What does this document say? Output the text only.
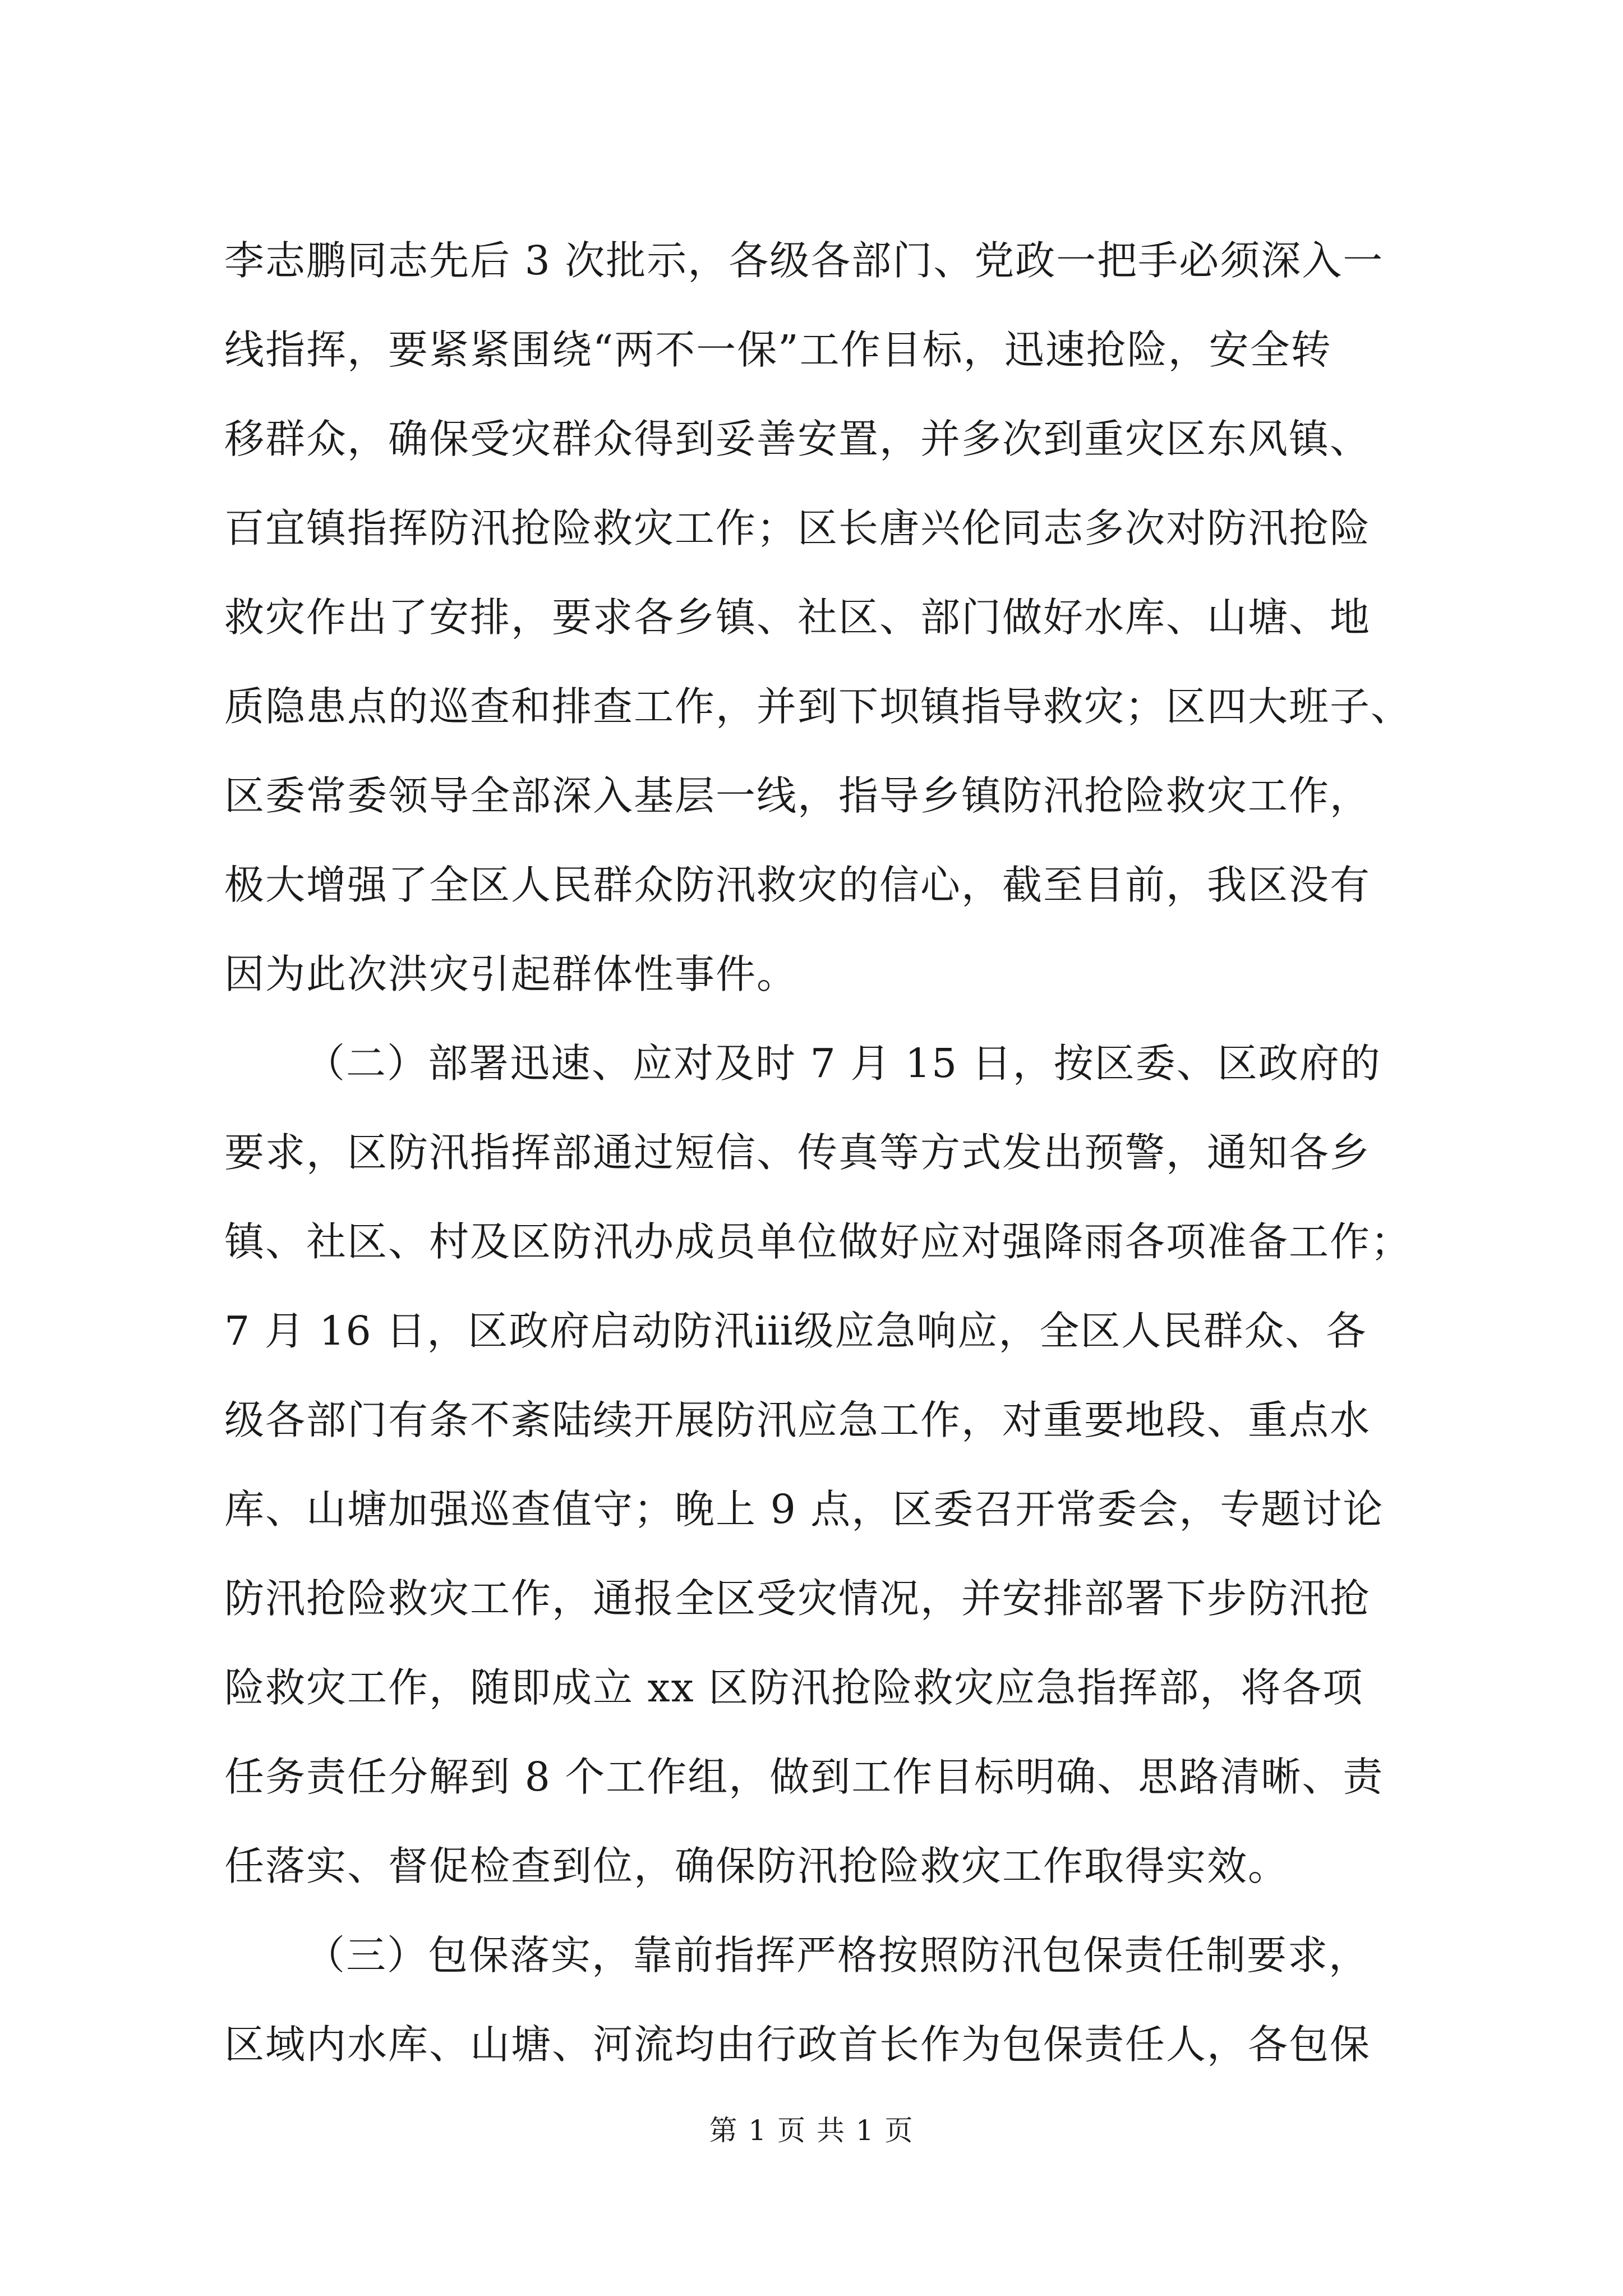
李志鹏同志先后 3 次批示，各级各部门、党政一把手必须深入一
线指挥，要紧紧围绕“两不一保”工作目标，迅速抢险，安全转
移群众，确保受灾群众得到妥善安置，并多次到重灾区东风镇、
百宜镇指挥防汛抢险救灾工作；区长唐兴伦同志多次对防汛抢险
救灾作出了安排，要求各乡镇、社区、部门做好水库、山塘、地
质隐患点的巡查和排查工作，并到下坝镇指导救灾；区四大班子、
区委常委领导全部深入基层一线，指导乡镇防汛抢险救灾工作，
极大增强了全区人民群众防汛救灾的信心，截至目前，我区没有
因为此次洪灾引起群体性事件。
（二）部署迅速、应对及时 7 月 15 日，按区委、区政府的
要求，区防汛指挥部通过短信、传真等方式发出预警，通知各乡
镇、社区、村及区防汛办成员单位做好应对强降雨各项准备工作；
7 月 16 日，区政府启动防汛ⅲ级应急响应，全区人民群众、各
级各部门有条不紊陆续开展防汛应急工作，对重要地段、重点水
库、山塘加强巡查值守；晚上 9 点，区委召开常委会，专题讨论
防汛抢险救灾工作，通报全区受灾情况，并安排部署下步防汛抢
险救灾工作，随即成立 xx 区防汛抢险救灾应急指挥部，将各项
任务责任分解到 8 个工作组，做到工作目标明确、思路清晰、责
任落实、督促检查到位，确保防汛抢险救灾工作取得实效。
（三）包保落实，靠前指挥严格按照防汛包保责任制要求，
区域内水库、山塘、河流均由行政首长作为包保责任人，各包保
第 1 页 共 1 页
